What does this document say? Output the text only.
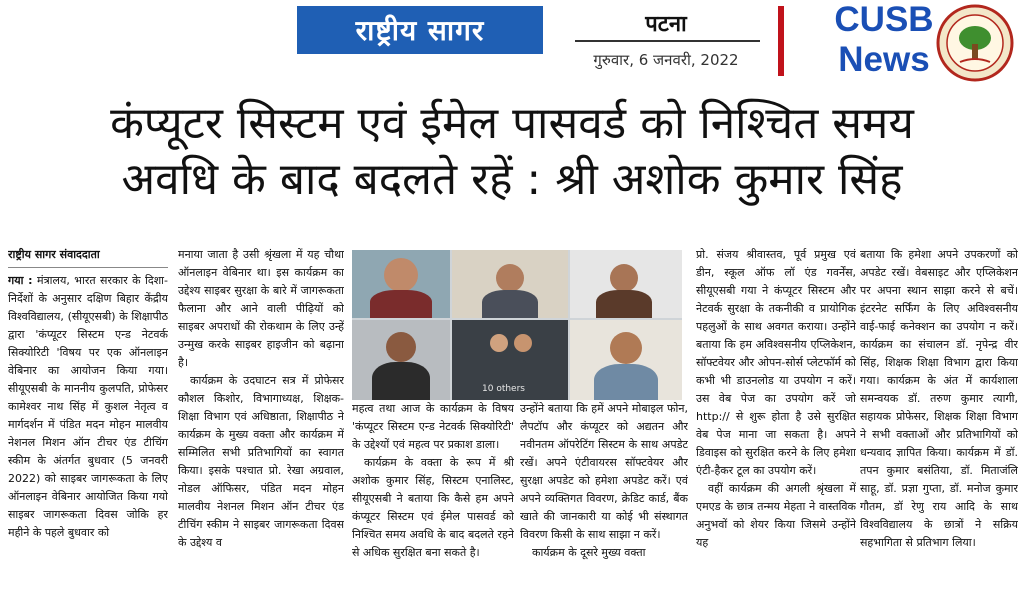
राष्ट्रीय सागर	पटना
गुरुवार, 6 जनवरी, 2022
CUSB
News
कंप्यूटर सिस्टम एवं ईमेल पासवर्ड को निश्चित समय
अवधि के बाद बदलते रहें : श्री अशोक कुमार सिंह
राष्ट्रीय सागर संवाददाता

गया : मंत्रालय, भारत सरकार के दिशा-निर्देशों के अनुसार दक्षिण बिहार केंद्रीय विश्वविद्यालय, (सीयूएसबी) के शिक्षापीठ द्वारा 'कंप्यूटर सिस्टम एन्ड नेटवर्क सिक्योरिटी 'विषय पर एक ऑनलाइन वेबिनार का आयोजन किया गया। सीयूएसबी के माननीय कुलपति, प्रोफेसर कामेश्वर नाथ सिंह में कुशल नेतृत्व व मार्गदर्शन में पंडित मदन मोहन मालवीय नेशनल मिशन ऑन टीचर एंड टीचिंग स्कीम के अंतर्गत बुधवार (5 जनवरी 2022) को साइबर जागरूकता के लिए ऑनलाइन वेबिनार आयोजित किया गयो साइबर जागरूकता दिवस जोकि हर महीने के पहले बुधवार को

मनाया जाता है उसी श्रृंखला में यह चौथा ऑनलाइन वेबिनार था। इस कार्यक्रम का उद्देश्य साइबर सुरक्षा के बारे में जागरूकता फैलाना और आने वाली पीढ़ियों को साइबर अपराधों की रोकथाम के लिए उन्हें उन्मुख करके साइबर हाइजीन को बढ़ाना है।

कार्यक्रम के उदघाटन सत्र में प्रोफेसर कौशल किशोर, विभागाध्यक्ष, शिक्षक-शिक्षा विभाग एवं अधिष्ठाता, शिक्षापीठ ने कार्यक्रम के मुख्य वक्ता और कार्यक्रम में सम्मिलित सभी प्रतिभागियों का स्वागत किया। इसके पश्चात प्रो. रेखा अग्रवाल, नोडल ऑफिसर, पंडित मदन मोहन मालवीय नेशनल मिशन ऑन टीचर एंड टीचिंग स्कीम ने साइबर जागरूकता दिवस के उद्देश्य व

महत्व तथा आज के कार्यक्रम के विषय 'कंप्यूटर सिस्टम एन्ड नेटवर्क सिक्योरिटी' के उद्देश्यों एवं महत्व पर प्रकाश डाला।

कार्यक्रम के वक्ता के रूप में श्री अशोक कुमार सिंह, सिस्टम एनालिस्ट, सीयूएसबी ने बताया कि कैसे हम अपने कंप्यूटर सिस्टम एवं ईमेल पासवर्ड को निश्चित समय अवधि के बाद बदलते रहने से अधिक सुरक्षित बना सकते है।

उन्होंने बताया कि हमें अपने मोबाइल फोन, लैपटॉप और कंप्यूटर को अद्यतन और नवीनतम ऑपरेटिंग सिस्टम के साथ अपडेट रखें। अपने एंटीवायरस सॉफ्टवेयर और सुरक्षा अपडेट को हमेशा अपडेट करें। एवं अपने व्यक्तिगत विवरण, क्रेडिट कार्ड, बैंक खाते की जानकारी या कोई भी संस्थागत विवरण किसी के साथ साझा न करें।

कार्यक्रम के दूसरे मुख्य वक्ता

प्रो. संजय श्रीवास्तव, पूर्व प्रमुख एवं डीन, स्कूल ऑफ लॉ एंड गवर्नेंस, सीयूएसबी गया ने कंप्यूटर सिस्टम और नेटवर्क सुरक्षा के तकनीकी व प्रायोगिक पहलुओं के साथ अवगत कराया। उन्होंने बताया कि हम अविश्वसनीय एप्लिकेशन, सॉफ्टवेयर और ओपन-सोर्स प्लेटफॉर्म को कभी भी डाउनलोड या उपयोग न करें। उस वेब पेज का उपयोग करें जो http:// से शुरू होता है उसे सुरक्षित वेब पेज माना जा सकता है। अपने डिवाइस को सुरक्षित करने के लिए हमेशा एंटी-हैकर टूल का उपयोग करें।

वहीं कार्यक्रम की अगली श्रृंखला में एमएड के छात्र तन्मय मेहता ने वास्तविक अनुभवों को शेयर किया जिसमे उन्होंने यह

बताया कि हमेशा अपने उपकरणों को अपडेट रखें। वेबसाइट और एप्लिकेशन पर अपना स्थान साझा करने से बचें। इंटरनेट सर्फिंग के लिए अविश्वसनीय वाई-फाई कनेक्शन का उपयोग न करें। कार्यक्रम का संचालन डॉ. नृपेन्द्र वीर सिंह, शिक्षक शिक्षा विभाग द्वारा किया गया। कार्यक्रम के अंत में कार्यशाला समन्वयक डॉ. तरुण कुमार त्यागी, सहायक प्रोफेसर, शिक्षक शिक्षा विभाग ने सभी वक्ताओं और प्रतिभागियों को धन्यवाद ज्ञापित किया। कार्यक्रम में डॉ. तपन कुमार बसंतिया, डॉ. मिताजंलि साहू, डॉ. प्रज्ञा गुप्ता, डॉ. मनोज कुमार गौतम, डॉ रेणु राय आदि के साथ विश्वविद्यालय के छात्रों ने सक्रिय सहभागिता से प्रतिभाग लिया।

10 others
